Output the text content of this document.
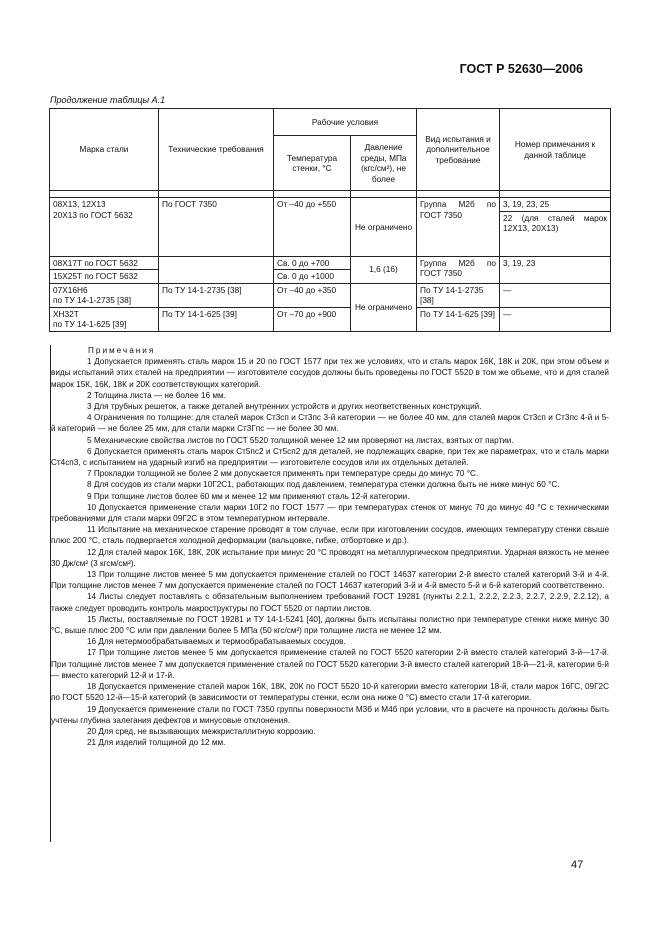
ГОСТ Р 52630—2006
Продолжение таблицы А.1
Марка стали	Технические требования	Рабочие условия		Вид испытания и дополнительное требование	Номер примечания к данной таблице
		Температура стенки, °С	Давление среды, МПа (кгс/см²), не более		

08Х13, 12Х13
20Х13 по ГОСТ 5632	По ГОСТ 7350	От –40 до +550	Не ограничено	Группа М2б по ГОСТ 7350	3, 19, 23, 25
					22 (для сталей марок 12Х13, 20Х13)
08Х17Т по ГОСТ 5632		Св. 0 до +700	1,6 (16)	Группа М2б по ГОСТ 7350	3, 19, 23
15Х25Т по ГОСТ 5632		Св. 0 до +1000			
07Х16Н6
по ТУ 14-1-2735 [38]	По ТУ 14-1-2735 [38]	От –40 до +350	Не ограничено	По ТУ 14-1-2735 [38]	—
ХН32Т
по ТУ 14-1-625 [39]	По ТУ 14-1-625 [39]	От –70 до +900		По ТУ 14-1-625 [39]	—
Примечания

1 Допускается применять сталь марок 15 и 20 по ГОСТ 1577 при тех же условиях, что и сталь марок 16К, 18К и 20К, при этом объем и виды испытаний этих сталей на предприятии — изготовителе сосудов должны быть проведены по ГОСТ 5520 в том же объеме, что и для сталей марок 15К, 16К, 18К и 20К соответствующих категорий.

2 Толщина листа — не более 16 мм.

3 Для трубных решеток, а также деталей внутренних устройств и других неответственных конструкций.

4 Ограничения по толщине: для сталей марок Ст3сп и Ст3пс 3-й категории — не более 40 мм, для сталей марок Ст3сп и Ст3пс 4-й и 5-й категорий — не более 25 мм, для стали марки Ст3Гпс — не более 30 мм.

5 Механические свойства листов по ГОСТ 5520 толщиной менее 12 мм проверяют на листах, взятых от партии.

6 Допускается применять сталь марок Ст5пс2 и Ст5сп2 для деталей, не подлежащих сварке, при тех же параметрах, что и сталь марки Ст4сп3, с испытанием на ударный изгиб на предприятии — изготовителе сосудов или их отдельных деталей.

7 Прокладки толщиной не более 2 мм допускается применять при температуре среды до минус 70 °С.

8 Для сосудов из стали марки 10Г2С1, работающих под давлением, температура стенки должна быть не ниже минус 60 °С.

9 При толщине листов более 60 мм и менее 12 мм применяют сталь 12-й категории.

10 Допускается применение стали марки 10Г2 по ГОСТ 1577 — при температурах стенок от минус 70 до минус 40 °С с техническими требованиями для стали марки 09Г2С в этом температурном интервале.

11 Испытание на механическое старение проводят в том случае, если при изготовлении сосудов, имеющих температуру стенки свыше плюс 200 °С, сталь подвергается холодной деформации (вальцовке, гибке, отбортовке и др.).

12 Для сталей марок 16К, 18К, 20К испытание при минус 20 °С проводят на металлургическом предприятии. Ударная вязкость не менее 30 Дж/см² (3 кгсм/см²).

13 При толщине листов менее 5 мм допускается применение сталей по ГОСТ 14637 категории 2-й вместо сталей категорий 3-й и 4-й. При толщине листов менее 7 мм допускается применение сталей по ГОСТ 14637 категорий 3-й и 4-й вместо 5-й и 6-й категорий соответственно.

14 Листы следует поставлять с обязательным выполнением требований ГОСТ 19281 (пункты 2.2.1, 2.2.2, 2.2.3, 2.2.7, 2.2.9, 2.2.12), а также следует проводить контроль макроструктуры по ГОСТ 5520 от партии листов.

15 Листы, поставляемые по ГОСТ 19281 и ТУ 14-1-5241 [40], должны быть испытаны полистно при температуре стенки ниже минус 30 °С, выше плюс 200 °С или при давлении более 5 МПа (50 кгс/см²) при толщине листа не менее 12 мм.

16 Для нетермообрабатываемых и термообрабатываемых сосудов.

17 При толщине листов менее 5 мм допускается применение сталей по ГОСТ 5520 категории 2-й вместо сталей категорий 3-й—17-й. При толщине листов менее 7 мм допускается применение сталей по ГОСТ 5520 категории 3-й вместо сталей категорий 18-й—21-й, категории 6-й — вместо категорий 12-й и 17-й.

18 Допускается применение сталей марок 16К, 18К, 20К по ГОСТ 5520 10-й категории вместо категории 18-й, стали марок 16ГС, 09Г2С по ГОСТ 5520 12-й—15-й категорий (в зависимости от температуры стенки, если она ниже 0 °С) вместо стали 17-й категории.

19 Допускается применение стали по ГОСТ 7350 группы поверхности М3б и М4б при условии, что в расчете на прочность должны быть учтены глубина залегания дефектов и минусовые отклонения.

20 Для сред, не вызывающих межкристаллитную коррозию.

21 Для изделий толщиной до 12 мм.

47
